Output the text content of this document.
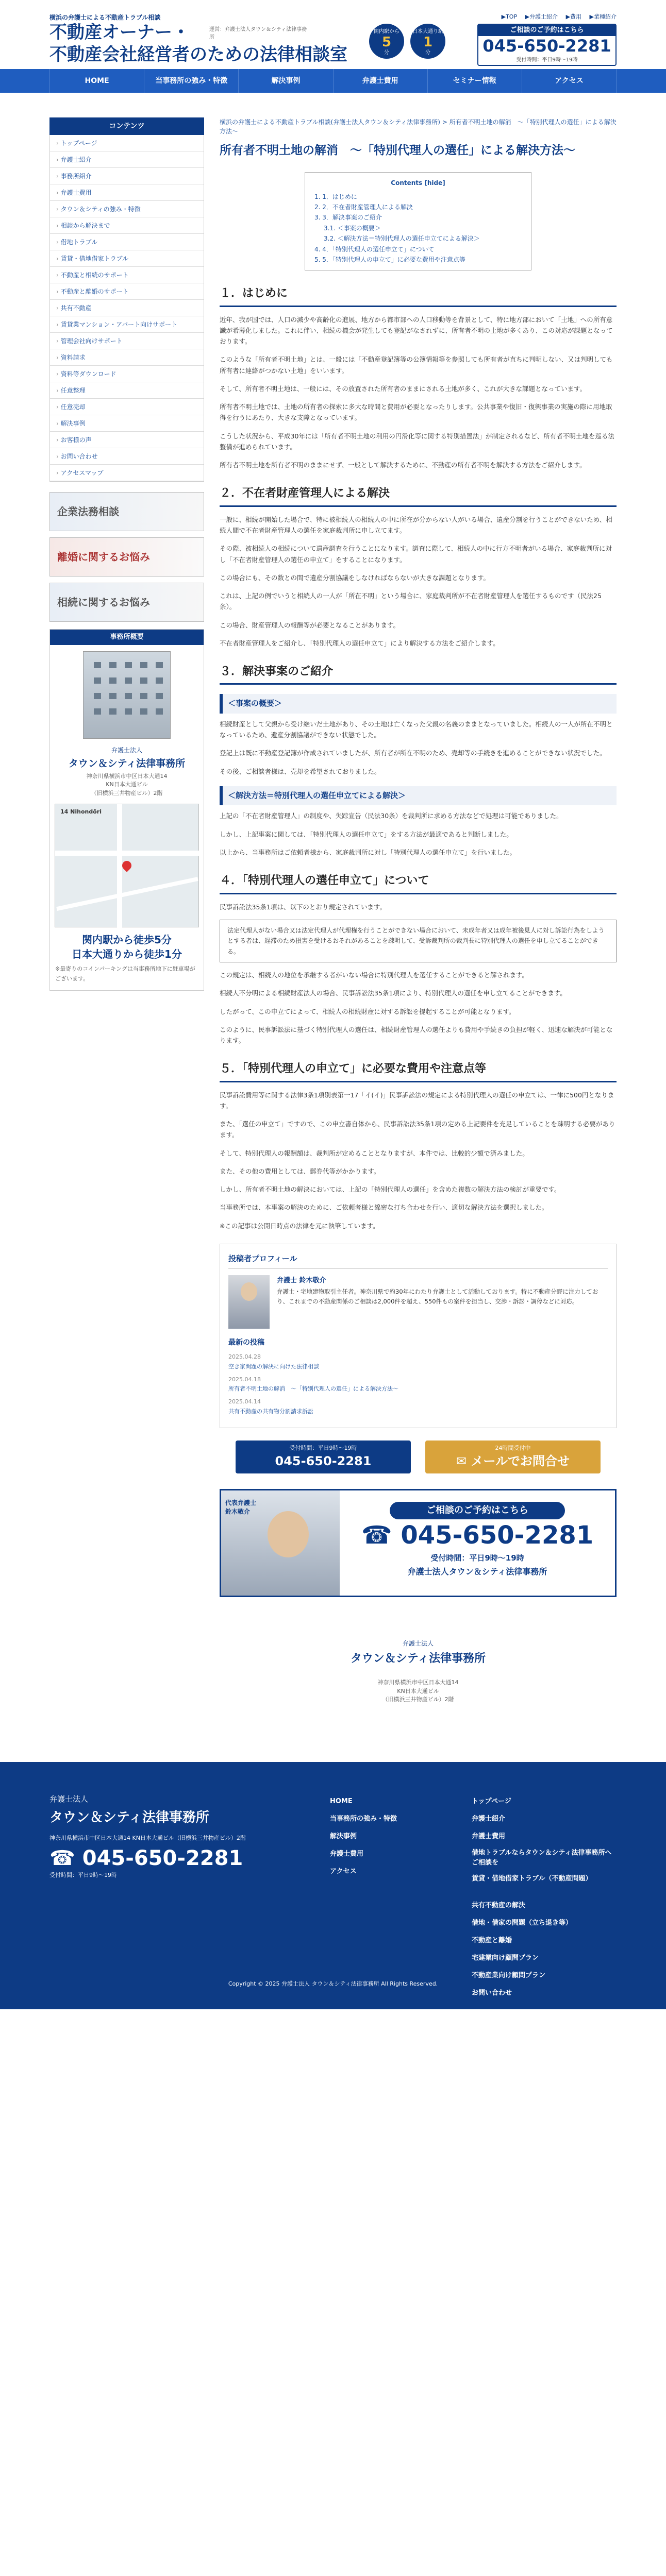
横浜の弁護士による不動産トラブル相談
不動産オーナー・
不動産会社経営者のための法律相談室
運営：弁護士法人タウン＆シティ法律事務所
▶TOP ▶弁護士紹介 ▶費用 ▶業種紹介
関内駅から
5
分
日本大通り駅
1
分
ご相談のご予約はこちら
045-650-2281
受付時間：平日9時～19時
HOME	当事務所の強み・特徴	解決事例	弁護士費用	セミナー情報	アクセス
コンテンツ
› トップページ
› 弁護士紹介
› 事務所紹介
› 弁護士費用
› タウン＆シティの強み・特徴
› 相談から解決まで
› 借地トラブル
› 賃貸・借地借家トラブル
› 不動産と相続のサポート
› 不動産と離婚のサポート
› 共有不動産
› 賃貸業マンション・アパート向けサポート
› 管理会社向けサポート
› 資料請求
› 資料等ダウンロード
› 任意整理
› 任意売却
› 解決事例
› お客様の声
› お問い合わせ
› アクセスマップ
企業法務相談
離婚に関するお悩み
相続に関するお悩み
事務所概要
弁護士法人
タウン＆シティ法律事務所
神奈川県横浜市中区日本大通14
KN日本大通ビル
（旧横浜三井物産ビル）2階
14 Nihondōri
関内駅から徒歩5分
日本大通りから徒歩1分
※最寄りのコインパーキングは当事務所地下に駐車場がございます。
横浜の弁護士による不動産トラブル相談(弁護士法人タウン＆シティ法律事務所) > 所有者不明土地の解消　～「特別代理人の選任」による解決方法～
所有者不明土地の解消　～「特別代理人の選任」による解決方法～
Contents [hide]
1. 1．はじめに
2. 2．不在者財産管理人による解決
3. 3．解決事案のご紹介
3.1. ＜事案の概要＞
3.2. ＜解決方法＝特別代理人の選任申立てによる解決＞
4. 4．「特別代理人の選任申立て」について
5. 5．「特別代理人の申立て」に必要な費用や注意点等
１．はじめに

近年、我が国では、人口の減少や高齢化の進展、地方から都市部への人口移動等を背景として、特に地方部において「土地」への所有意識が希薄化しました。これに伴い、相続の機会が発生しても登記がなされずに、所有者不明の土地が多くあり、この対応が課題となっております。

このような「所有者不明土地」とは、一般には「不動産登記簿等の公簿情報等を参照しても所有者が直ちに判明しない、又は判明しても所有者に連絡がつかない土地」をいいます。

そして、所有者不明土地は、一般には、その放置された所有者のままにされる土地が多く、これが大きな課題となっています。

所有者不明土地では、土地の所有者の探索に多大な時間と費用が必要となったりします。公共事業や復旧・復興事業の実施の際に用地取得を行うにあたり、大きな支障となっています。

こうした状況から、平成30年には「所有者不明土地の利用の円滑化等に関する特別措置法」が制定されるなど、所有者不明土地を巡る法整備が進められています。

所有者不明土地を所有者不明のままにせず、一般として解決するために、不動産の所有者不明を解決する方法をご紹介します。

２．不在者財産管理人による解決

一般に、相続が開始した場合で、特に被相続人の相続人の中に所在が分からない人がいる場合、遺産分割を行うことができないため、相続人間で不在者財産管理人の選任を家庭裁判所に申し立てます。

その際、被相続人の相続について遺産調査を行うことになります。調査に際して、相続人の中に行方不明者がいる場合、家庭裁判所に対し「不在者財産管理人の選任の申立て」をすることになります。

この場合にも、その数との間で遺産分割協議をしなければならないが大きな課題となります。

これは、上記の例でいうと相続人の一人が「所在不明」という場合に、家庭裁判所が不在者財産管理人を選任するものです（民法25条）。

この場合、財産管理人の報酬等が必要となることがあります。

不在者財産管理人をご紹介し、「特別代理人の選任申立て」により解決する方法をご紹介します。

３．解決事案のご紹介
＜事案の概要＞

相続財産として父親から受け継いだ土地があり、その土地は亡くなった父親の名義のままとなっていました。相続人の一人が所在不明となっているため、遺産分割協議ができない状態でした。

登記上は既に不動産登記簿が作成されていましたが、所有者が所在不明のため、売却等の手続きを進めることができない状況でした。

その後、ご相談者様は、売却を希望されておりました。

＜解決方法＝特別代理人の選任申立てによる解決＞

上記の「不在者財産管理人」の制度や、失踪宣告（民法30条）を裁判所に求める方法などで処理は可能でありました。

しかし、上記事案に関しては、「特別代理人の選任申立て」をする方法が最適であると判断しました。

以上から、当事務所はご依頼者様から、家庭裁判所に対し「特別代理人の選任申立て」を行いました。

４．「特別代理人の選任申立て」について

民事訴訟法35条1項は、以下のとおり規定されています。

法定代理人がない場合又は法定代理人が代理権を行うことができない場合において、未成年者又は成年被後見人に対し訴訟行為をしようとする者は、遅滞のため損害を受けるおそれがあることを疎明して、受訴裁判所の裁判長に特別代理人の選任を申し立てることができる。

この規定は、相続人の地位を承継する者がいない場合に特別代理人を選任することができると解されます。

相続人不分明による相続財産法人の場合、民事訴訟法35条1項により、特別代理人の選任を申し立てることができます。

したがって、この申立てによって、相続人の相続財産に対する訴訟を提起することが可能となります。

このように、民事訴訟法に基づく特別代理人の選任は、相続財産管理人の選任よりも費用や手続きの負担が軽く、迅速な解決が可能となります。

５．「特別代理人の申立て」に必要な費用や注意点等

民事訴訟費用等に関する法律3条1項別表第一17「イ(イ)」民事訴訟法の規定による特別代理人の選任の申立ては、一律に500円となります。

また、「選任の申立て」ですので、この申立書自体から、民事訴訟法35条1項の定める上記要件を充足していることを疎明する必要があります。

そして、特別代理人の報酬額は、裁判所が定めることとなりますが、本件では、比較的少額で済みました。

また、その他の費用としては、郵券代等がかかります。

しかし、所有者不明土地の解決においては、上記の「特別代理人の選任」を含めた複数の解決方法の検討が重要です。

当事務所では、本事案の解決のために、ご依頼者様と綿密な打ち合わせを行い、適切な解決方法を選択しました。

※この記事は公開日時点の法律を元に執筆しています。

投稿者プロフィール
弁護士 鈴木敬介
弁護士・宅地建物取引主任者。神奈川県で約30年にわたり弁護士として活動しております。特に不動産分野に注力しており、これまでの不動産関係のご相談は2,000件を超え、550件もの案件を担当し、交渉・訴訟・調停などに対応。
最新の投稿
2025.04.28
空き家問題の解決に向けた法律相談
2025.04.18
所有者不明土地の解消　～「特別代理人の選任」による解決方法～
2025.04.14
共有不動産の共有物分割請求訴訟
受付時間：平日9時～19時
045-650-2281
24時間受付中
✉ メールでお問合せ
代表弁護士鈴木敬介	ご相談のご予約はこちら
☎ 045-650-2281
受付時間：平日9時～19時
弁護士法人タウン＆シティ法律事務所
弁護士法人
タウン＆シティ法律事務所
神奈川県横浜市中区日本大通14
KN日本大通ビル
（旧横浜三井物産ビル）2階
弁護士法人
タウン＆シティ法律事務所
神奈川県横浜市中区日本大通14 KN日本大通ビル（旧横浜三井物産ビル）2階
☎ 045-650-2281
受付時間：平日9時～19時
HOME
当事務所の強み・特徴
解決事例
弁護士費用
アクセス
トップページ
弁護士紹介
弁護士費用
借地トラブルならタウン＆シティ法律事務所へご相談を
賃貸・借地借家トラブル（不動産問題）
共有不動産の解決
借地・借家の問題（立ち退き等）
不動産と離婚
宅建業向け顧問プラン
不動産業向け顧問プラン
お問い合わせ
Copyright © 2025 弁護士法人 タウン＆シティ法律事務所 All Rights Reserved.
